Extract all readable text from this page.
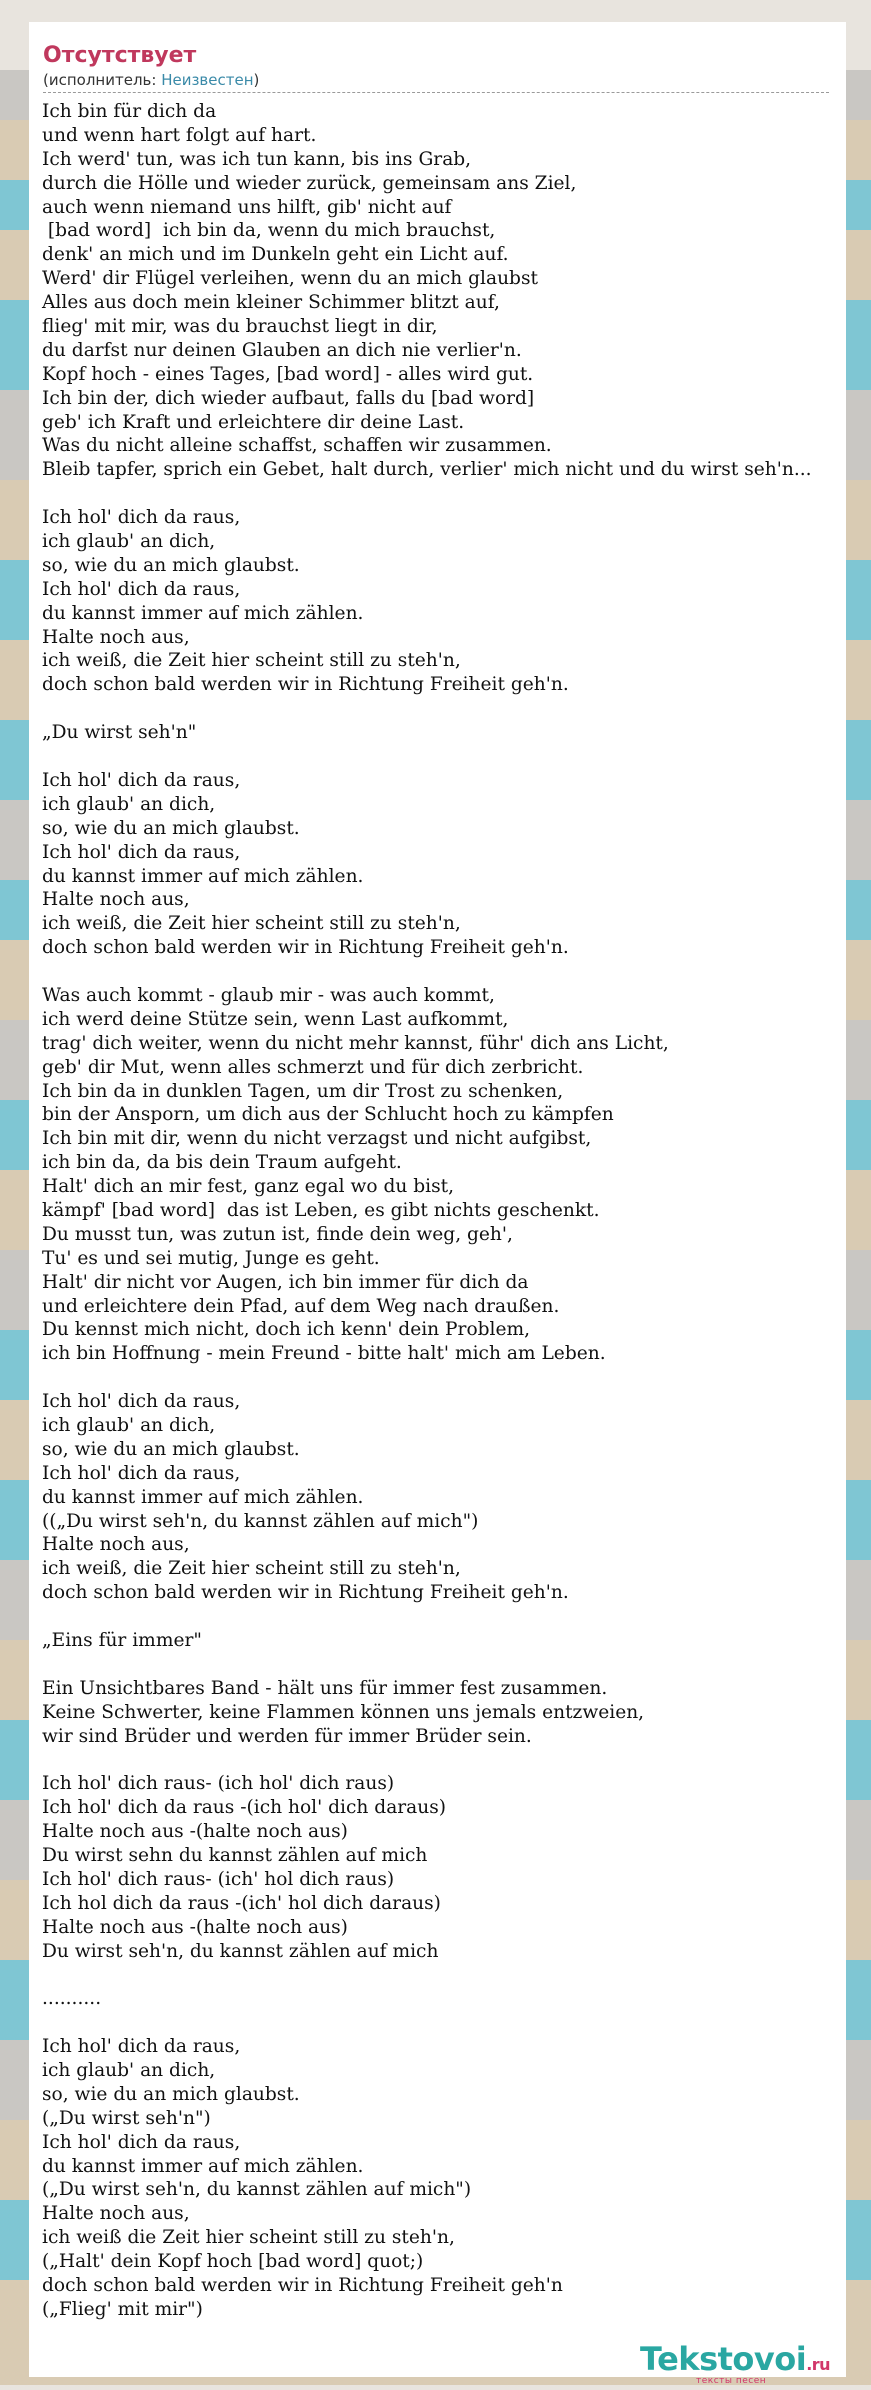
Отсутствует
(исполнитель: Неизвестен)
Ich bin für dich da
und wenn hart folgt auf hart.
Ich werd' tun, was ich tun kann, bis ins Grab,
durch die Hölle und wieder zurück, gemeinsam ans Ziel,
auch wenn niemand uns hilft, gib' nicht auf
[bad word]  ich bin da, wenn du mich brauchst,
denk' an mich und im Dunkeln geht ein Licht auf.
Werd' dir Flügel verleihen, wenn du an mich glaubst
Alles aus doch mein kleiner Schimmer blitzt auf,
flieg' mit mir, was du brauchst liegt in dir,
du darfst nur deinen Glauben an dich nie verlier'n.
Kopf hoch - eines Tages, [bad word] - alles wird gut.
Ich bin der, dich wieder aufbaut, falls du [bad word]
geb' ich Kraft und erleichtere dir deine Last.
Was du nicht alleine schaffst, schaffen wir zusammen.
Bleib tapfer, sprich ein Gebet, halt durch, verlier' mich nicht und du wirst seh'n...

Ich hol' dich da raus,
ich glaub' an dich,
so, wie du an mich glaubst.
Ich hol' dich da raus,
du kannst immer auf mich zählen.
Halte noch aus,
ich weiß, die Zeit hier scheint still zu steh'n,
doch schon bald werden wir in Richtung Freiheit geh'n.

„Du wirst seh'n"

Ich hol' dich da raus,
ich glaub' an dich,
so, wie du an mich glaubst.
Ich hol' dich da raus,
du kannst immer auf mich zählen.
Halte noch aus,
ich weiß, die Zeit hier scheint still zu steh'n,
doch schon bald werden wir in Richtung Freiheit geh'n.

Was auch kommt - glaub mir - was auch kommt,
ich werd deine Stütze sein, wenn Last aufkommt,
trag' dich weiter, wenn du nicht mehr kannst, führ' dich ans Licht,
geb' dir Mut, wenn alles schmerzt und für dich zerbricht.
Ich bin da in dunklen Tagen, um dir Trost zu schenken,
bin der Ansporn, um dich aus der Schlucht hoch zu kämpfen
Ich bin mit dir, wenn du nicht verzagst und nicht aufgibst,
ich bin da, da bis dein Traum aufgeht.
Halt' dich an mir fest, ganz egal wo du bist,
kämpf' [bad word]  das ist Leben, es gibt nichts geschenkt.
Du musst tun, was zutun ist, finde dein weg, geh',
Tu' es und sei mutig, Junge es geht.
Halt' dir nicht vor Augen, ich bin immer für dich da
und erleichtere dein Pfad, auf dem Weg nach draußen.
Du kennst mich nicht, doch ich kenn' dein Problem,
ich bin Hoffnung - mein Freund - bitte halt' mich am Leben.

Ich hol' dich da raus,
ich glaub' an dich,
so, wie du an mich glaubst.
Ich hol' dich da raus,
du kannst immer auf mich zählen.
((„Du wirst seh'n, du kannst zählen auf mich")
Halte noch aus,
ich weiß, die Zeit hier scheint still zu steh'n,
doch schon bald werden wir in Richtung Freiheit geh'n.

„Eins für immer"

Ein Unsichtbares Band - hält uns für immer fest zusammen.
Keine Schwerter, keine Flammen können uns jemals entzweien,
wir sind Brüder und werden für immer Brüder sein.

Ich hol' dich raus- (ich hol' dich raus)
Ich hol' dich da raus -(ich hol' dich daraus)
Halte noch aus -(halte noch aus)
Du wirst sehn du kannst zählen auf mich
Ich hol' dich raus- (ich' hol dich raus)
Ich hol dich da raus -(ich' hol dich daraus)
Halte noch aus -(halte noch aus)
Du wirst seh'n, du kannst zählen auf mich

..........

Ich hol' dich da raus,
ich glaub' an dich,
so, wie du an mich glaubst.
(„Du wirst seh'n")
Ich hol' dich da raus,
du kannst immer auf mich zählen.
(„Du wirst seh'n, du kannst zählen auf mich")
Halte noch aus,
ich weiß die Zeit hier scheint still zu steh'n,
(„Halt' dein Kopf hoch [bad word] quot;)
doch schon bald werden wir in Richtung Freiheit geh'n
(„Flieg' mit mir")
Tekstovoi.ru
тексты песен
